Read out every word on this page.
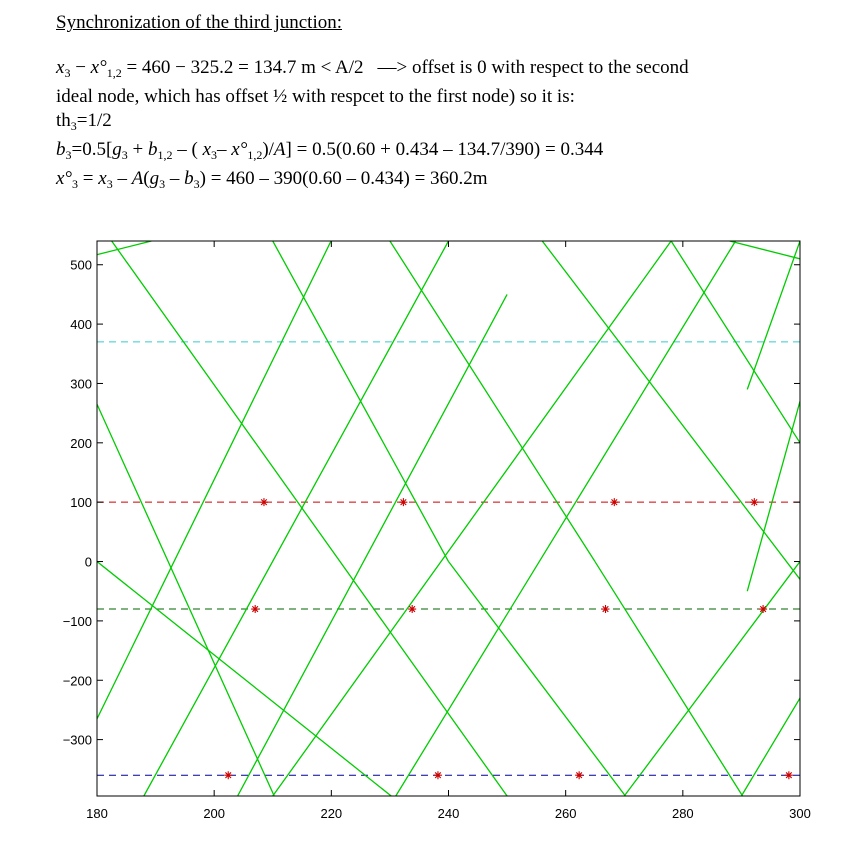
Synchronization of the third junction:
$x_3 - x^\circ_{1,2} = 460 - 325.2 = 134.7$ m < A/2 —> offset is 0 with respect to the second
ideal node, which has offset ½ with respcet to the first node) so it is:
$th_3=1/2$
$b_3=0.5[g_3 + b_{1,2}$ – ( $x_3-$ $x^\circ_{1,2})/A] = 0.5(0.60 + 0.434 - 134.7/390) = 0.344$
$x^\circ_3 = x_3 - A(g_3 - b_3) = 460 - 390(0.60 - 0.434) = 360.2m$
180	200	220	240	260	280	300
−300
−200
−100
0
100
200
300
400
500
